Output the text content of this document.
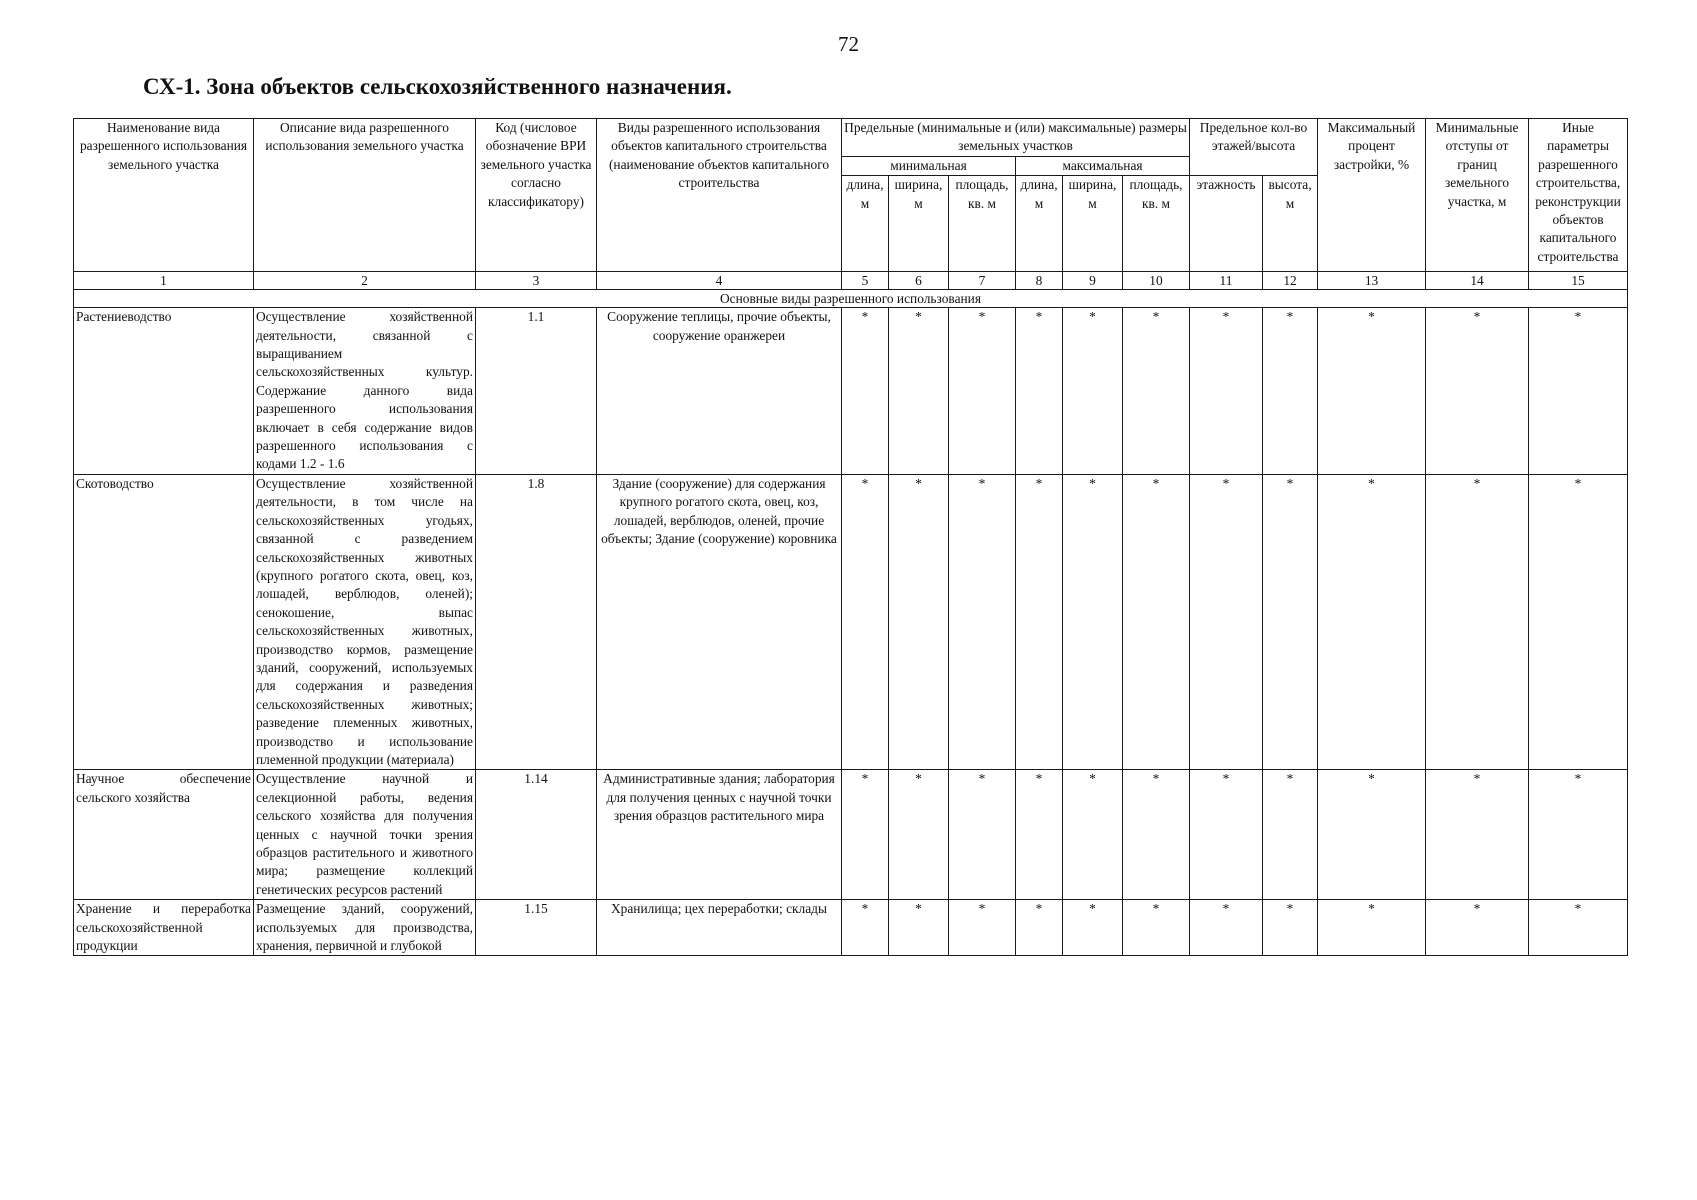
72
СХ-1. Зона объектов сельскохозяйственного назначения.
Наименование вида разрешенного использования земельного участка	Описание вида разрешенного использования земельного участка	Код (числовое обозначение ВРИ земельного участка согласно классификатору)	Виды разрешенного использования объектов капитального строительства (наименование объектов капитального строительства	Предельные (минимальные и (или) максимальные) размеры земельных участков						Предельное кол-во этажей/высота		Максимальный процент застройки, %	Минимальные отступы от границ земельного участка, м	Иные параметры разрешенного строительства, реконструкции объектов капитального строительства
				минимальная			максимальная							
				длина, м	ширина, м	площадь, кв. м	длина, м	ширина, м	площадь, кв. м	этажность	высота, м			
1	2	3	4	5	6	7	8	9	10	11	12	13	14	15
Основные виды разрешенного использования														
Растениеводство	Осуществление хозяйственной деятельности, связанной с выращиванием сельскохозяйственных культур. Содержание данного вида разрешенного использования включает в себя содержание видов разрешенного использования с кодами 1.2 - 1.6	1.1	Сооружение теплицы, прочие объекты, сооружение оранжереи	*	*	*	*	*	*	*	*	*	*	*
Скотоводство	Осуществление хозяйственной деятельности, в том числе на сельскохозяйственных угодьях, связанной с разведением сельскохозяйственных животных (крупного рогатого скота, овец, коз, лошадей, верблюдов, оленей); сенокошение, выпас сельскохозяйственных животных, производство кормов, размещение зданий, сооружений, используемых для содержания и разведения сельскохозяйственных животных; разведение племенных животных, производство и использование племенной продукции (материала)	1.8	Здание (сооружение) для содержания крупного рогатого скота, овец, коз, лошадей, верблюдов, оленей, прочие объекты; Здание (сооружение) коровника	*	*	*	*	*	*	*	*	*	*	*
Научное обеспечение сельского хозяйства	Осуществление научной и селекционной работы, ведения сельского хозяйства для получения ценных с научной точки зрения образцов растительного и животного мира; размещение коллекций генетических ресурсов растений	1.14	Административные здания; лаборатория для получения ценных с научной точки зрения образцов растительного мира	*	*	*	*	*	*	*	*	*	*	*
Хранение и переработка сельскохозяйственной продукции	Размещение зданий, сооружений, используемых для производства, хранения, первичной и глубокой	1.15	Хранилища; цех переработки; склады	*	*	*	*	*	*	*	*	*	*	*
